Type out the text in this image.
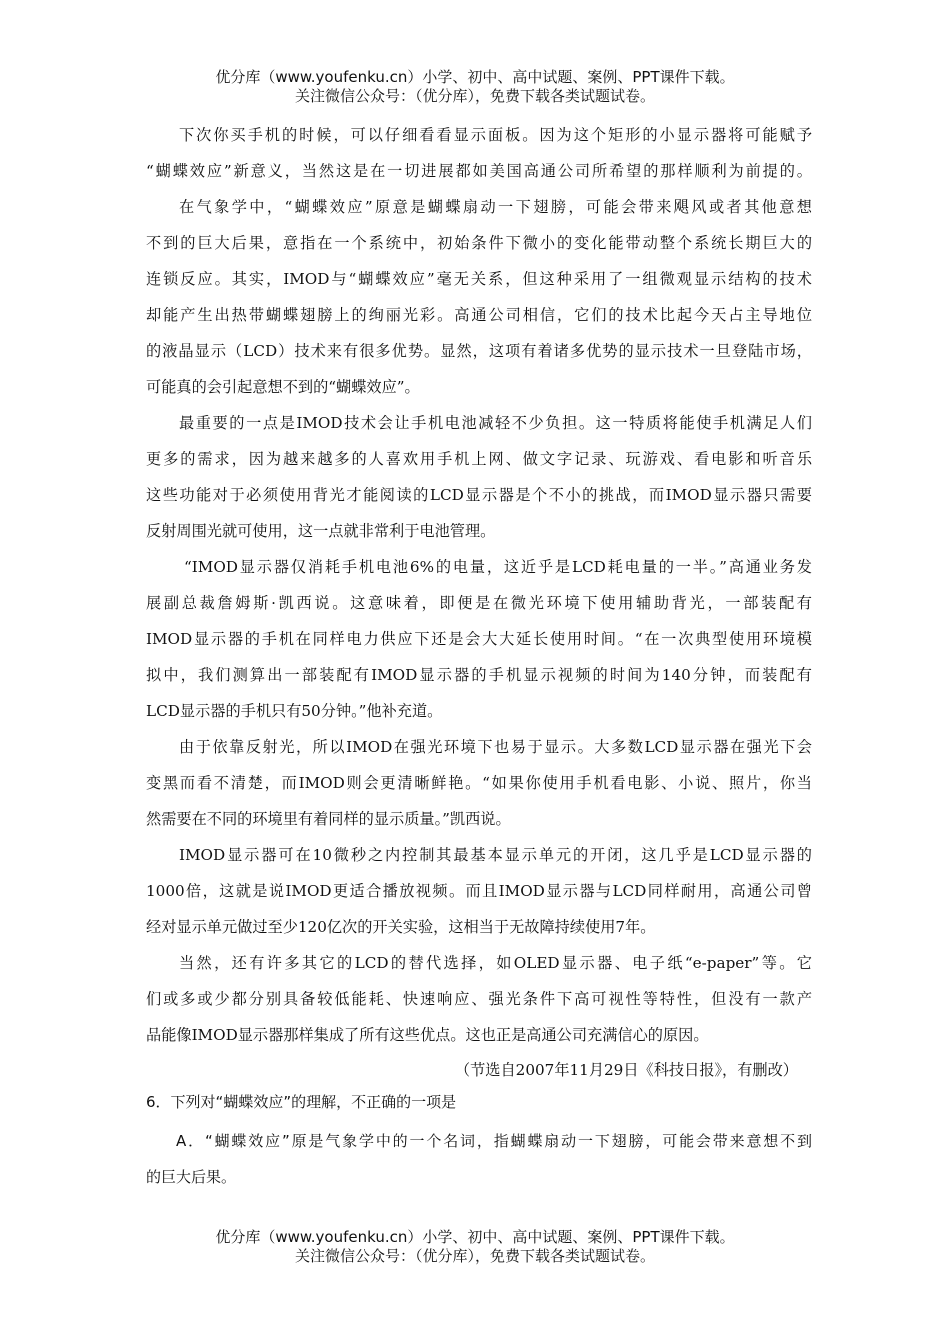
优分库（www.youfenku.cn）小学、初中、高中试题、案例、PPT课件下载。
关注微信公众号：（优分库），免费下载各类试题试卷。
下次你买手机的时候，可以仔细看看显示面板。因为这个矩形的小显示器将可能赋予
“蝴蝶效应”新意义，当然这是在一切进展都如美国高通公司所希望的那样顺利为前提的。
在气象学中，“蝴蝶效应”原意是蝴蝶扇动一下翅膀，可能会带来飓风或者其他意想
不到的巨大后果，意指在一个系统中，初始条件下微小的变化能带动整个系统长期巨大的
连锁反应。其实，IMOD与“蝴蝶效应”毫无关系，但这种采用了一组微观显示结构的技术
却能产生出热带蝴蝶翅膀上的绚丽光彩。高通公司相信，它们的技术比起今天占主导地位
的液晶显示（LCD）技术来有很多优势。显然，这项有着诸多优势的显示技术一旦登陆市场，
可能真的会引起意想不到的“蝴蝶效应”。
最重要的一点是IMOD技术会让手机电池减轻不少负担。这一特质将能使手机满足人们
更多的需求，因为越来越多的人喜欢用手机上网、做文字记录、玩游戏、看电影和听音乐
这些功能对于必须使用背光才能阅读的LCD显示器是个不小的挑战，而IMOD显示器只需要
反射周围光就可使用，这一点就非常利于电池管理。
“IMOD显示器仅消耗手机电池6%的电量，这近乎是LCD耗电量的一半。”高通业务发
展副总裁詹姆斯·凯西说。这意味着，即便是在微光环境下使用辅助背光，一部装配有
IMOD显示器的手机在同样电力供应下还是会大大延长使用时间。“在一次典型使用环境模
拟中，我们测算出一部装配有IMOD显示器的手机显示视频的时间为140分钟，而装配有
LCD显示器的手机只有50分钟。”他补充道。
由于依靠反射光，所以IMOD在强光环境下也易于显示。大多数LCD显示器在强光下会
变黑而看不清楚，而IMOD则会更清晰鲜艳。“如果你使用手机看电影、小说、照片，你当
然需要在不同的环境里有着同样的显示质量。”凯西说。
IMOD显示器可在10微秒之内控制其最基本显示单元的开闭，这几乎是LCD显示器的
1000倍，这就是说IMOD更适合播放视频。而且IMOD显示器与LCD同样耐用，高通公司曾
经对显示单元做过至少120亿次的开关实验，这相当于无故障持续使用7年。
当然，还有许多其它的LCD的替代选择，如OLED显示器、电子纸“e-paper”等。它
们或多或少都分别具备较低能耗、快速响应、强光条件下高可视性等特性，但没有一款产
品能像IMOD显示器那样集成了所有这些优点。这也正是高通公司充满信心的原因。
（节选自2007年11月29日《科技日报》，有删改）
6．下列对“蝴蝶效应”的理解，不正确的一项是
A．“蝴蝶效应”原是气象学中的一个名词，指蝴蝶扇动一下翅膀，可能会带来意想不到
的巨大后果。
优分库（www.youfenku.cn）小学、初中、高中试题、案例、PPT课件下载。
关注微信公众号：（优分库），免费下载各类试题试卷。
